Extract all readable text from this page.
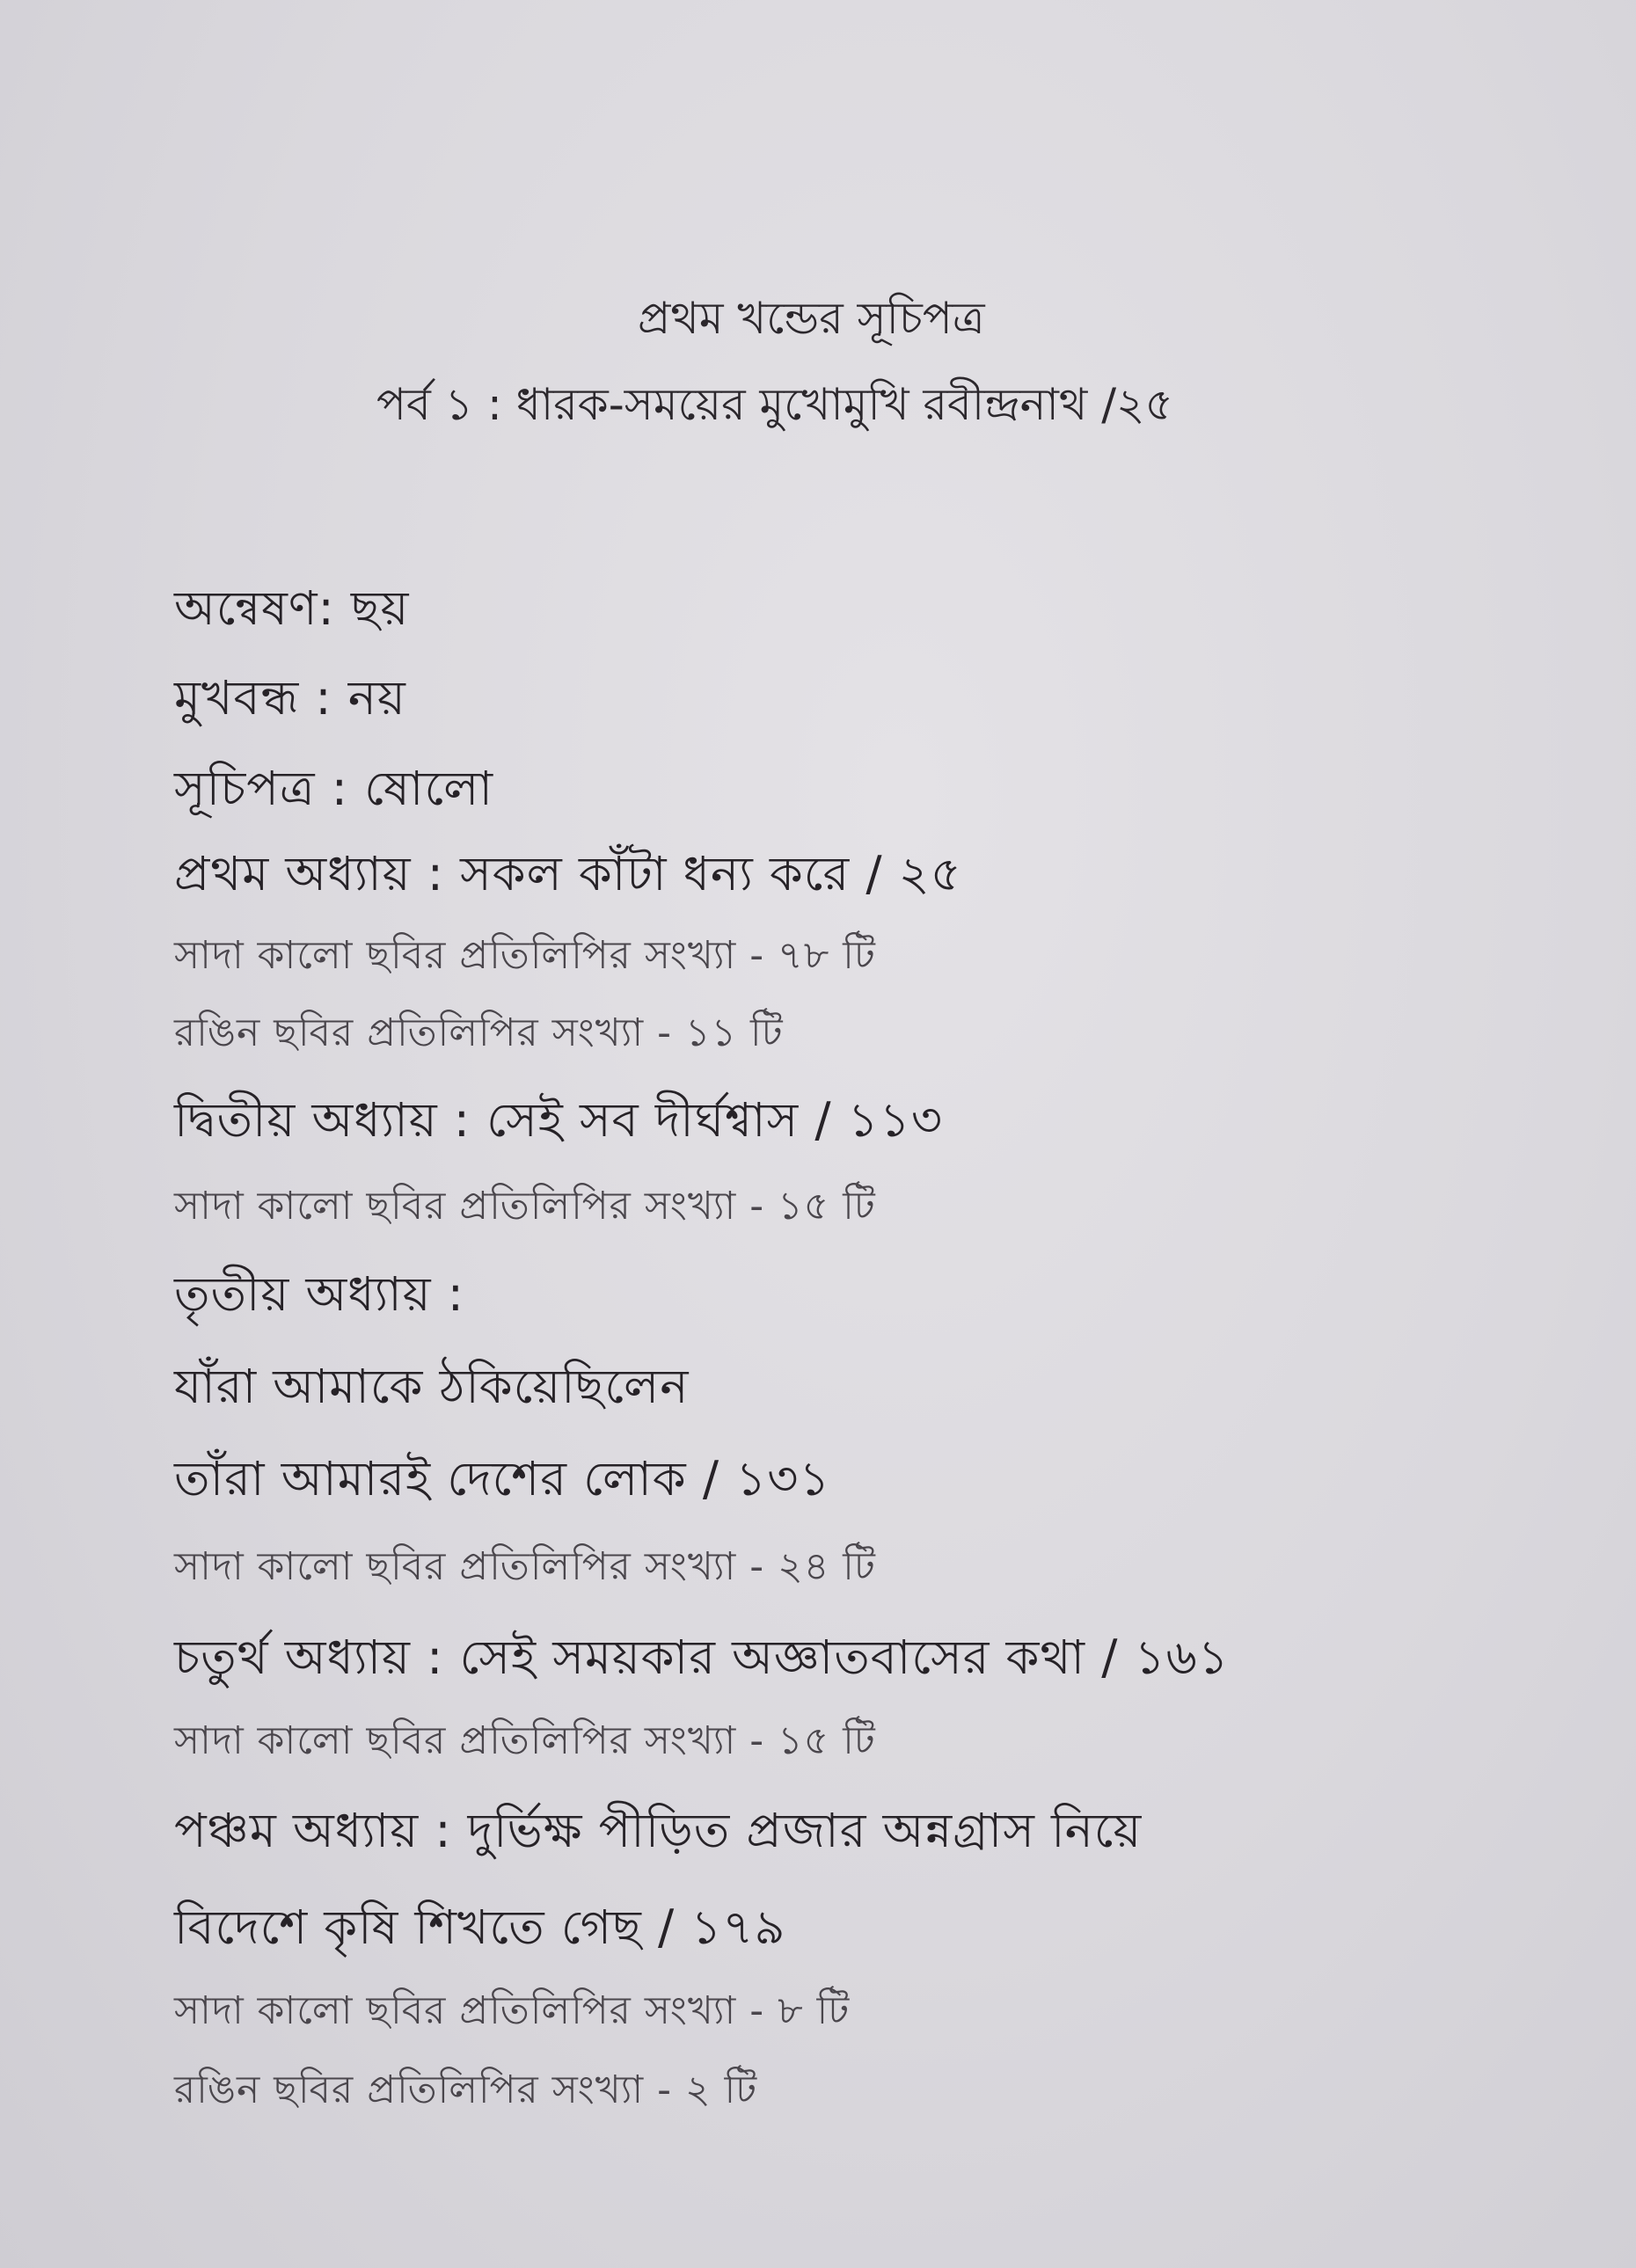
প্রথম খন্ডের সূচিপত্র
পর্ব ১ : ধারক-সময়ের মুখোমুখি রবীন্দ্রনাথ /২৫
অন্বেষণ: ছয়
মুখবন্ধ : নয়
সূচিপত্র : ষোলো
প্রথম অধ্যায় : সকল কাঁটা ধন্য করে / ২৫
সাদা কালো ছবির প্রতিলিপির সংখ্যা - ৭৮ টি
রঙিন ছবির প্রতিলিপির সংখ্যা - ১১ টি
দ্বিতীয় অধ্যায় : সেই সব দীর্ঘশ্বাস / ১১৩
সাদা কালো ছবির প্রতিলিপির সংখ্যা - ১৫ টি
তৃতীয় অধ্যায় :
যাঁরা আমাকে ঠকিয়েছিলেন
তাঁরা আমারই দেশের লোক / ১৩১
সাদা কালো ছবির প্রতিলিপির সংখ্যা - ২৪ টি
চতুর্থ অধ্যায় : সেই সময়কার অজ্ঞাতবাসের কথা / ১৬১
সাদা কালো ছবির প্রতিলিপির সংখ্যা - ১৫ টি
পঞ্চম অধ্যায় : দুর্ভিক্ষ পীড়িত প্রজার অন্নগ্রাস নিয়ে
বিদেশে কৃষি শিখতে গেছ / ১৭৯
সাদা কালো ছবির প্রতিলিপির সংখ্যা - ৮ টি
রঙিন ছবির প্রতিলিপির সংখ্যা - ২ টি
